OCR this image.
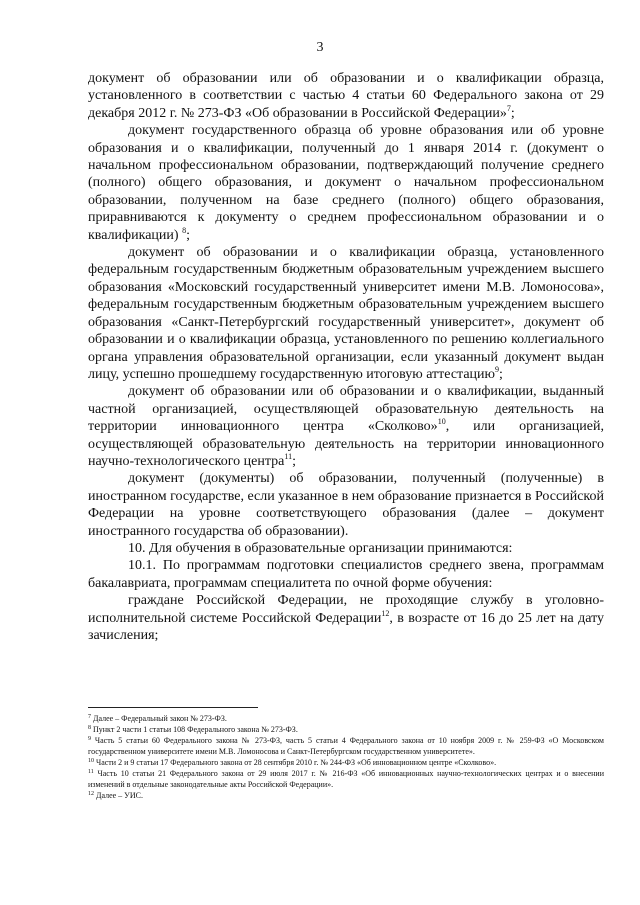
3

документ об образовании или об образовании и о квалификации образца, установленного в соответствии с частью 4 статьи 60 Федерального закона от 29 декабря 2012 г. № 273-ФЗ «Об образовании в Российской Федерации»$^7$;

документ государственного образца об уровне образования или об уровне образования и о квалификации, полученный до 1 января 2014 г. (документ о начальном профессиональном образовании, подтверждающий получение среднего (полного) общего образования, и документ о начальном профессиональном образовании, полученном на базе среднего (полного) общего образования, приравниваются к документу о среднем профессиональном образовании и о квалификации) $^8$;

документ об образовании и о квалификации образца, установленного федеральным государственным бюджетным образовательным учреждением высшего образования «Московский государственный университет имени М.В. Ломоносова», федеральным государственным бюджетным образовательным учреждением высшего образования «Санкт-Петербургский государственный университет», документ об образовании и о квалификации образца, установленного по решению коллегиального органа управления образовательной организации, если указанный документ выдан лицу, успешно прошедшему государственную итоговую аттестацию$^9$;

документ об образовании или об образовании и о квалификации, выданный частной организацией, осуществляющей образовательную деятельность на территории инновационного центра «Сколково»$^{10}$, или организацией, осуществляющей образовательную деятельность на территории инновационного научно-технологического центра$^{11}$;

документ (документы) об образовании, полученный (полученные) в иностранном государстве, если указанное в нем образование признается в Российской Федерации на уровне соответствующего образования (далее – документ иностранного государства об образовании).

10. Для обучения в образовательные организации принимаются:

10.1. По программам подготовки специалистов среднего звена, программам бакалавриата, программам специалитета по очной форме обучения:

граждане Российской Федерации, не проходящие службу в уголовно-исполнительной системе Российской Федерации$^{12}$, в возрасте от 16 до 25 лет на дату зачисления;

$^7$ Далее – Федеральный закон № 273-ФЗ.

$^8$ Пункт 2 части 1 статьи 108 Федерального закона № 273-ФЗ.

$^9$ Часть 5 статьи 60 Федерального закона № 273-ФЗ, часть 5 статьи 4 Федерального закона от 10 ноября 2009 г. № 259-ФЗ «О Московском государственном университете имени М.В. Ломоносова и Санкт-Петербургском государственном университете».

$^{10}$ Части 2 и 9 статьи 17 Федерального закона от 28 сентября 2010 г. № 244-ФЗ «Об инновационном центре «Сколково».

$^{11}$ Часть 10 статьи 21 Федерального закона от 29 июля 2017 г. № 216-ФЗ «Об инновационных научно-технологических центрах и о внесении изменений в отдельные законодательные акты Российской Федерации».

$^{12}$ Далее – УИС.
